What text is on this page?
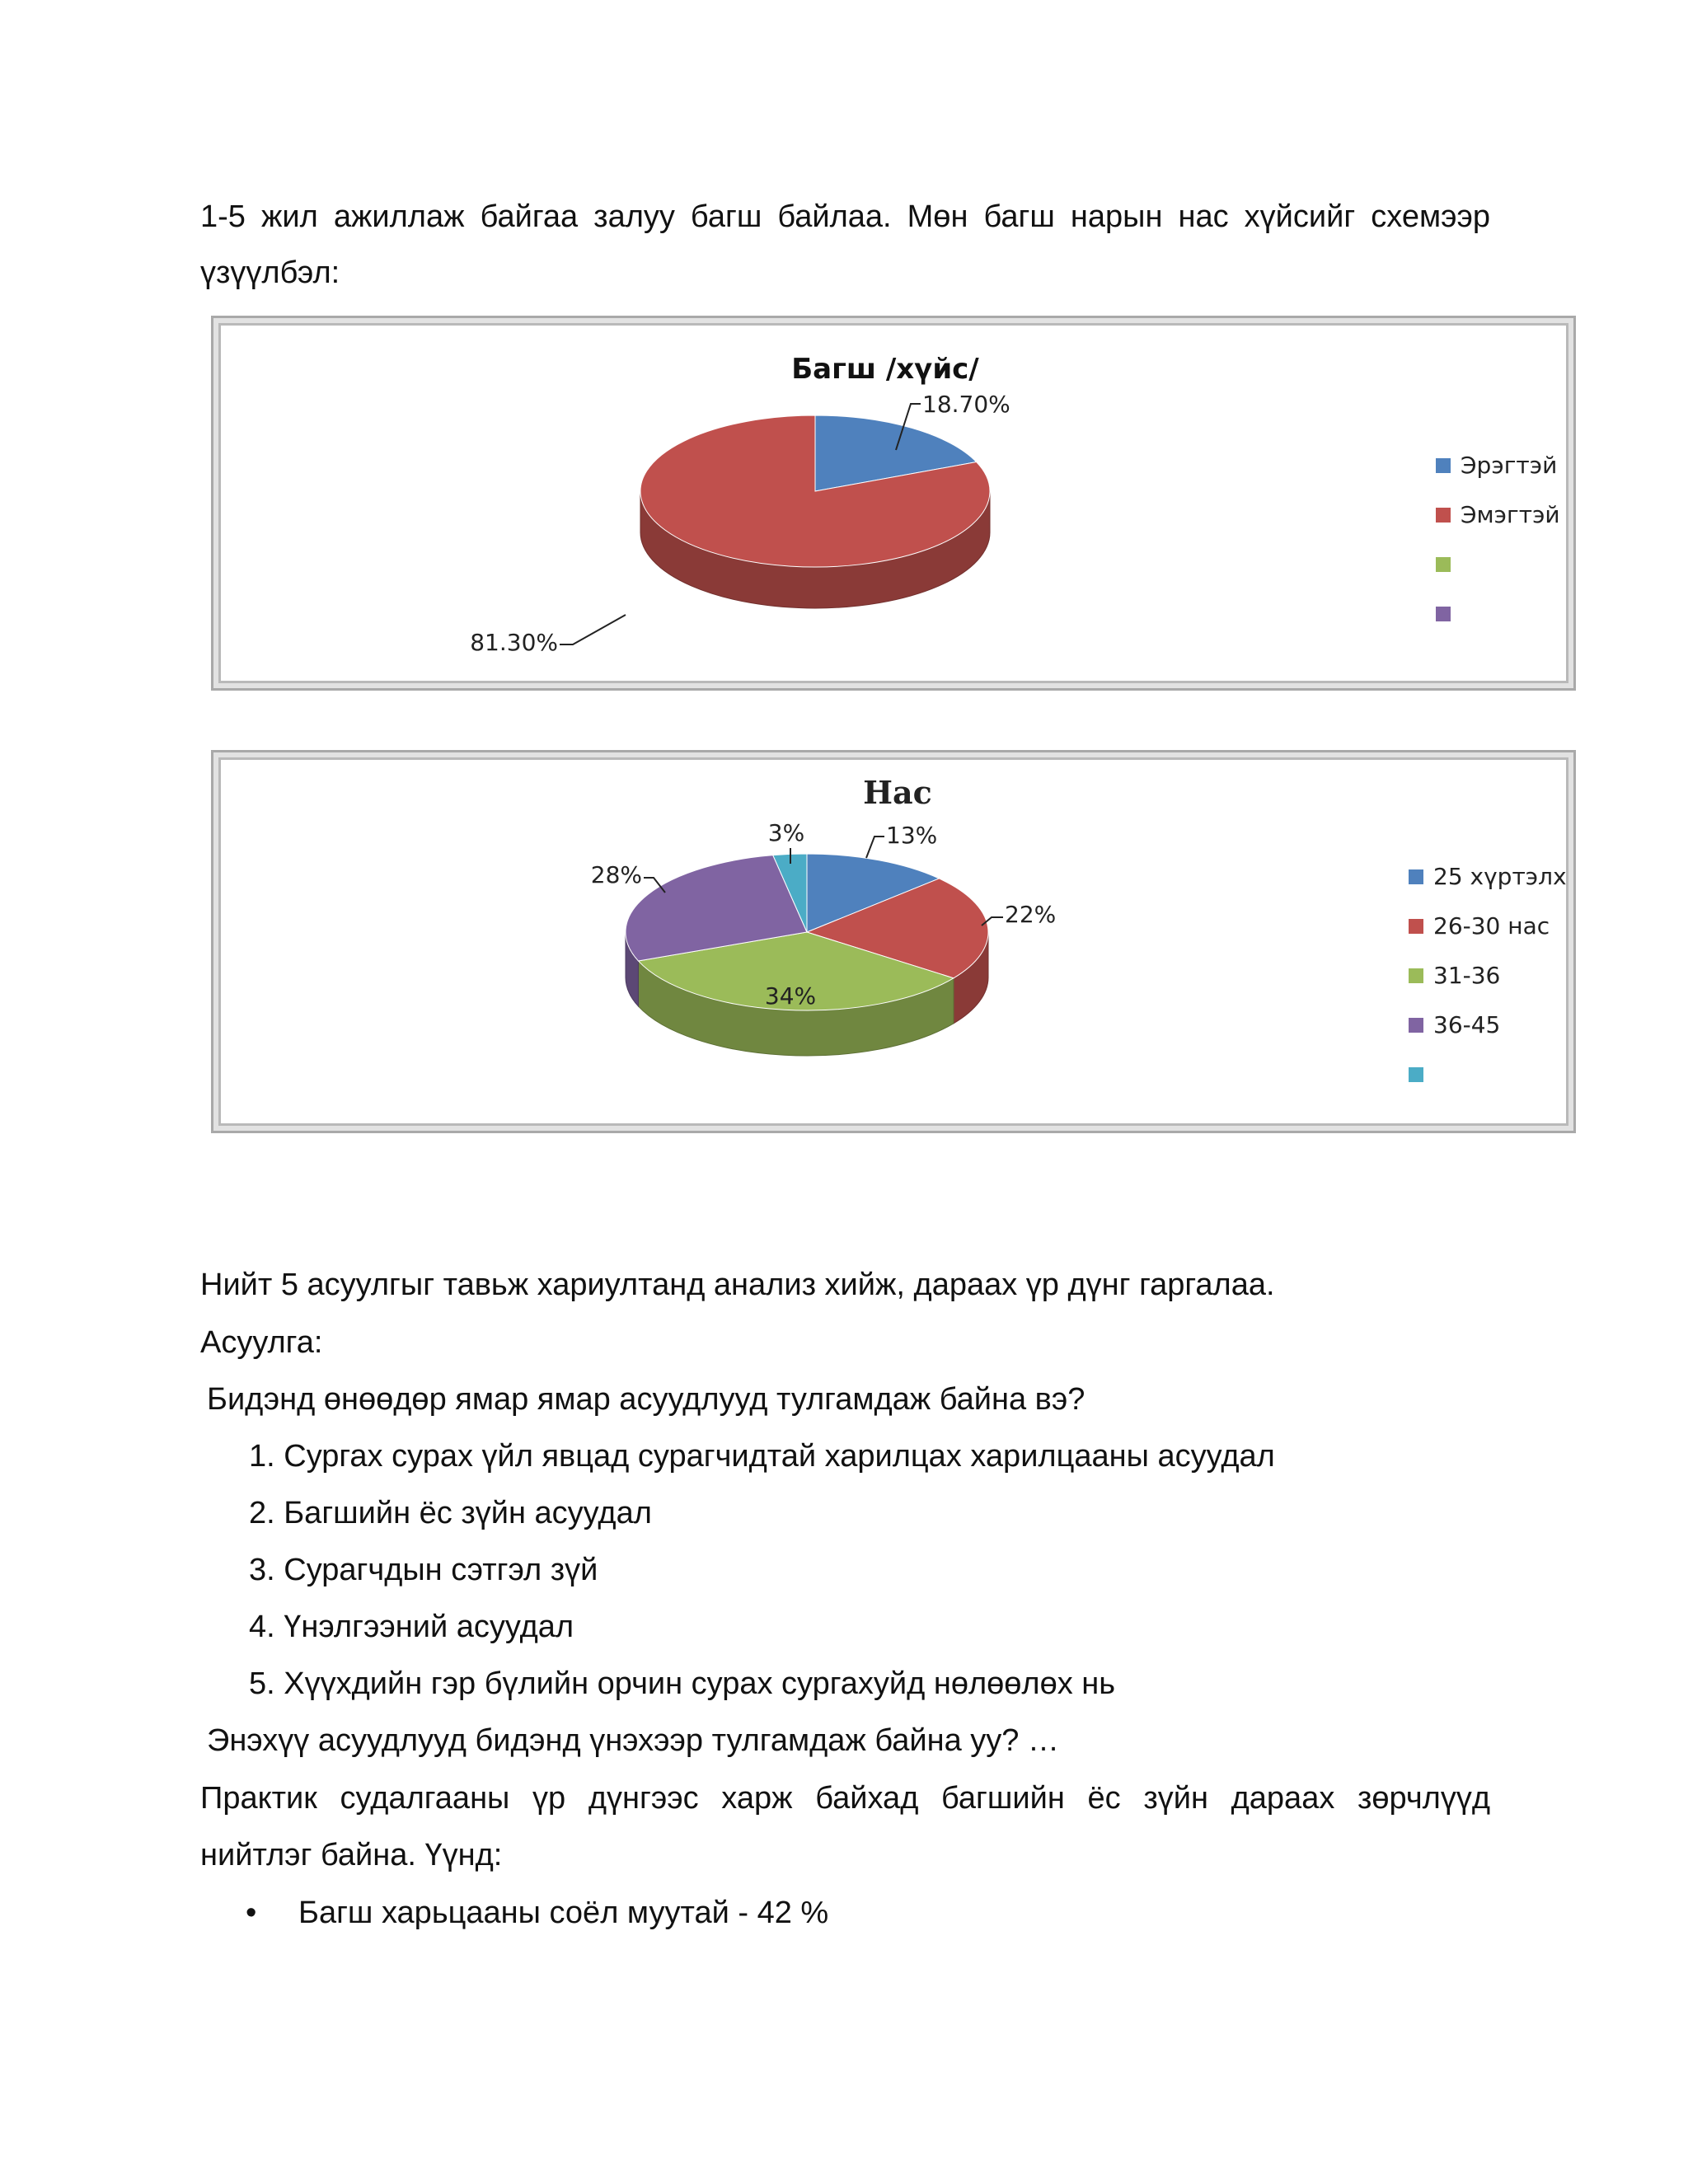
1-5 жил ажиллаж байгаа залуу багш байлаа. Мөн багш нарын нас хүйсийг схемээр
үзүүлбэл:
Багш /хүйс/
18.70%
81.30%
Эрэгтэй
Эмэгтэй
Нас
13%
22%
34%
28%
3%
25 хүртэлх
26-30 нас
31-36
36-45
Нийт 5 асуулгыг тавьж хариултанд анализ хийж, дараах үр дүнг гаргалаа.
Асуулга:
Бидэнд өнөөдөр ямар ямар асуудлууд тулгамдаж байна вэ?
1. Сургах сурах үйл явцад сурагчидтай харилцах харилцааны асуудал
2. Багшийн ёс зүйн асуудал
3. Сурагчдын сэтгэл зүй
4. Үнэлгээний асуудал
5. Хүүхдийн гэр бүлийн орчин сурах сургахуйд нөлөөлөх нь
Энэхүү асуудлууд бидэнд үнэхээр тулгамдаж байна уу? …
Практик судалгааны үр дүнгээс харж байхад багшийн ёс зүйн дараах зөрчлүүд
нийтлэг байна. Үүнд:
• Багш харьцааны соёл муутай - 42 %
